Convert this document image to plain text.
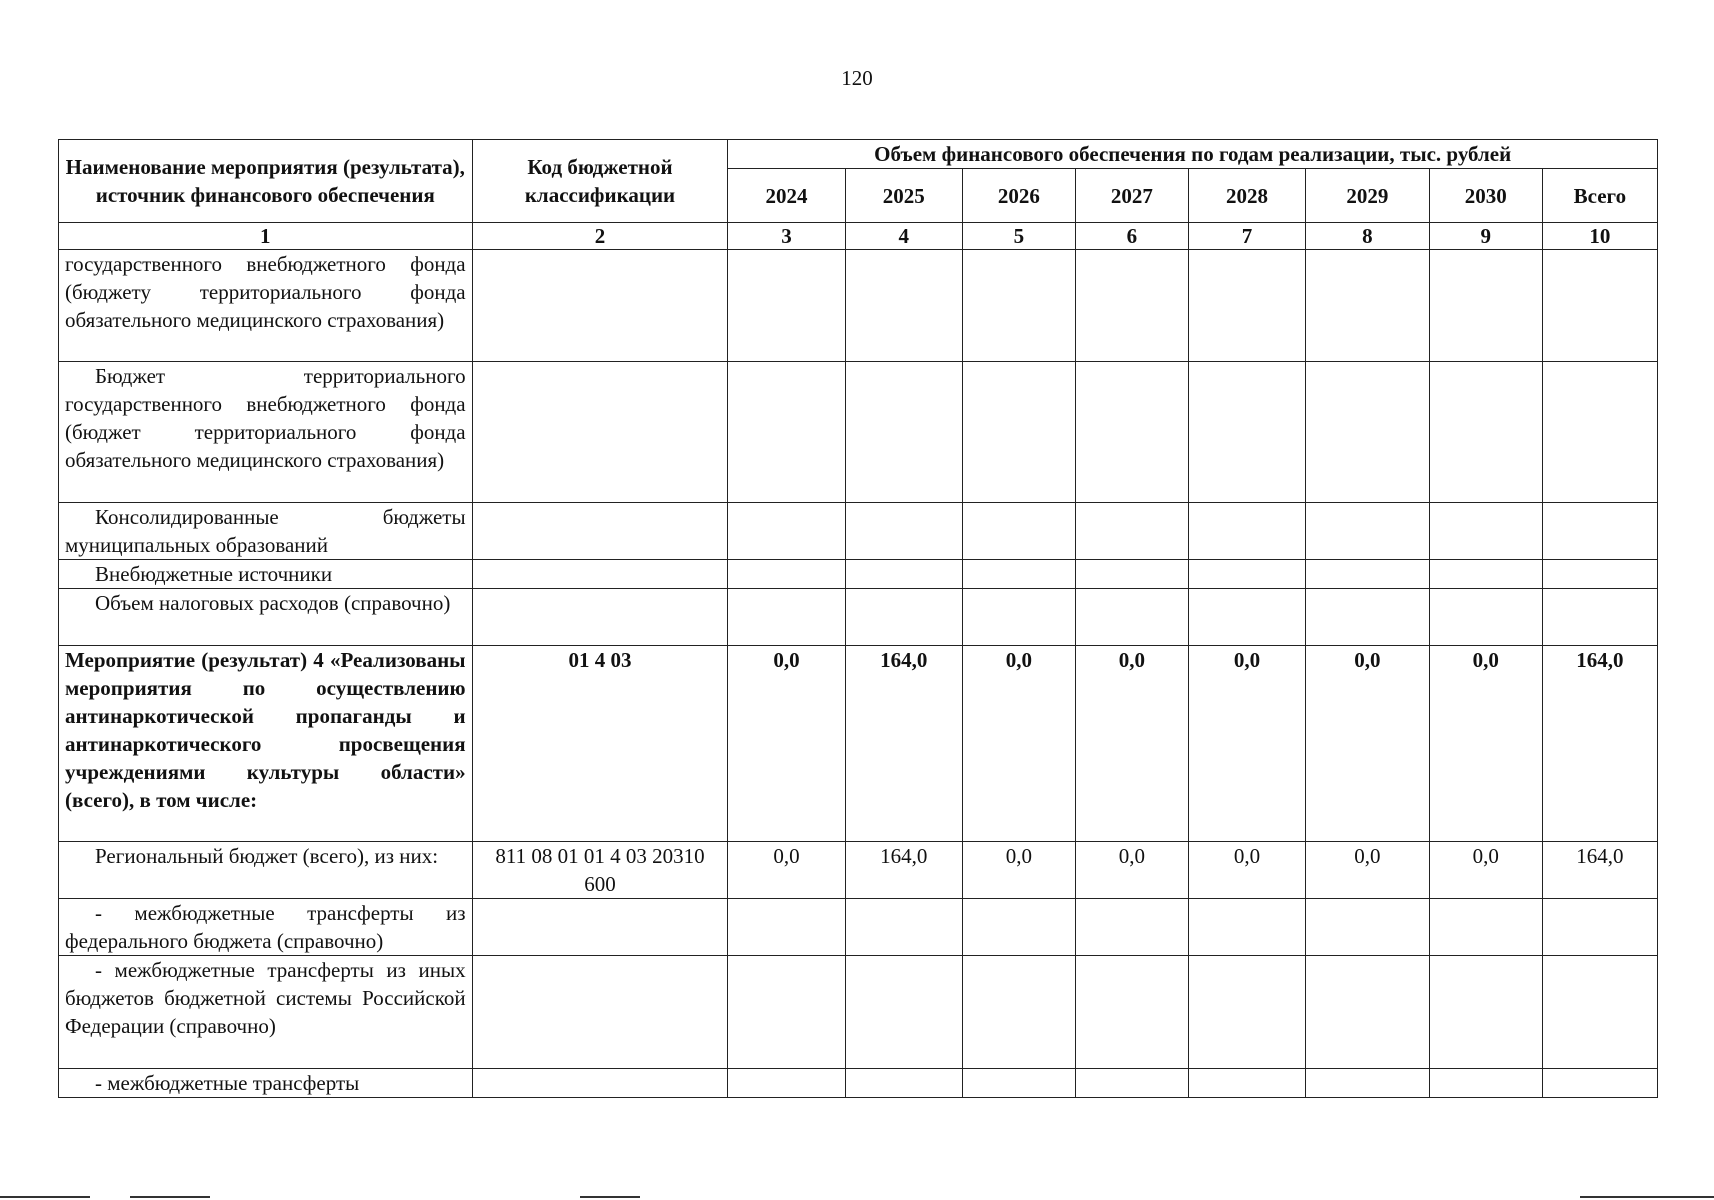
120
Наименование мероприятия (результата), источник финансового обеспечения	Код бюджетной классификации	Объем финансового обеспечения по годам реализации, тыс. рублей							
		2024	2025	2026	2027	2028	2029	2030	Всего
1	2	3	4	5	6	7	8	9	10
государственного внебюджетного фонда (бюджету территориального фонда обязательного медицинского страхования)									
Бюджет территориального государственного внебюджетного фонда (бюджет территориального фонда обязательного медицинского страхования)									
Консолидированные бюджеты муниципальных образований									
Внебюджетные источники									
Объем налоговых расходов (справочно)									
Мероприятие (результат) 4 «Реализованы мероприятия по осуществлению антинаркотической пропаганды и антинаркотического просвещения учреждениями культуры области» (всего), в том числе:	01 4 03	0,0	164,0	0,0	0,0	0,0	0,0	0,0	164,0
Региональный бюджет (всего), из них:	811 08 01 01 4 03 20310 600	0,0	164,0	0,0	0,0	0,0	0,0	0,0	164,0
- межбюджетные трансферты из федерального бюджета (справочно)									
- межбюджетные трансферты из иных бюджетов бюджетной системы Российской Федерации (справочно)									
- межбюджетные трансферты									
